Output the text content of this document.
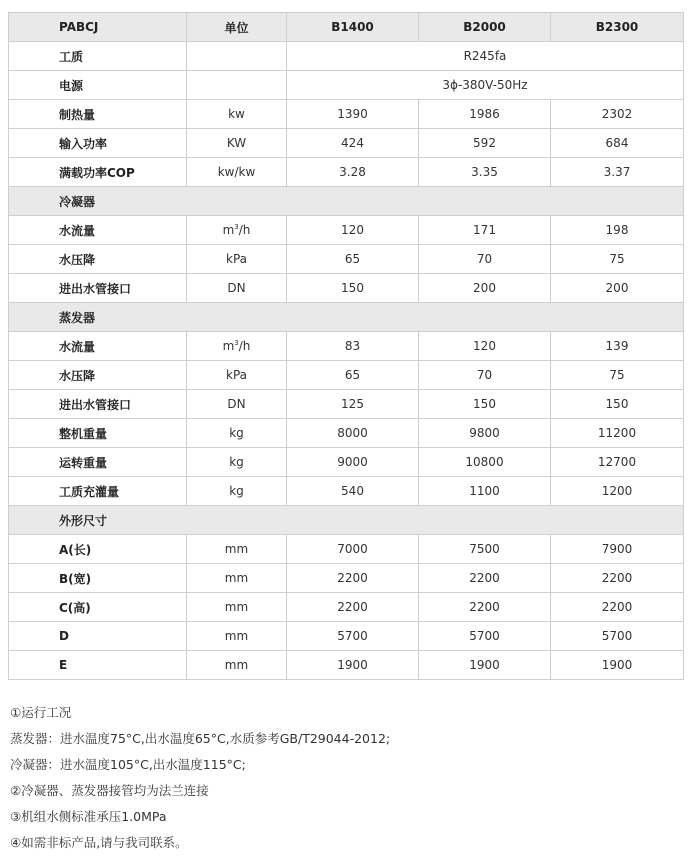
PABCJ	单位	B1400	B2000	B2300
工质		R245fa		
电源		3ϕ-380V-50Hz		
制热量	kw	1390	1986	2302
输入功率	KW	424	592	684
满载功率COP	kw/kw	3.28	3.35	3.37
冷凝器				
水流量	$m^3/h$	120	171	198
水压降	kPa	65	70	75
进出水管接口	DN	150	200	200
蒸发器				
水流量	$m^3/h$	83	120	139
水压降	kPa	65	70	75
进出水管接口	DN	125	150	150
整机重量	kg	8000	9800	11200
运转重量	kg	9000	10800	12700
工质充灌量	kg	540	1100	1200
外形尺寸				
A(长)	mm	7000	7500	7900
B(宽)	mm	2200	2200	2200
C(高)	mm	2200	2200	2200
D	mm	5700	5700	5700
E	mm	1900	1900	1900

①运行工况

蒸发器：进水温度75°C,出水温度65°C,水质参考GB/T29044-2012;

冷凝器：进水温度105°C,出水温度115°C;

②冷凝器、蒸发器接管均为法兰连接

③机组水侧标准承压1.0MPa

④如需非标产品,请与我司联系。
